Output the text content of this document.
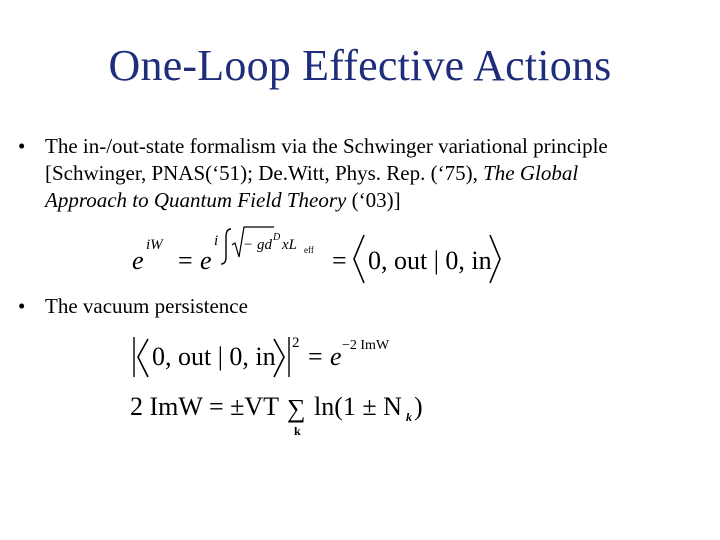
One-Loop Effective Actions
• The in-/out-state formalism via the Schwinger variational principle
[Schwinger, PNAS(‘51); De.Witt, Phys. Rep. (‘75), The Global
Approach to Quantum Field Theory (‘03)]
e
iW
= e
i − gd D xL eff = 0, out | 0, in
• The vacuum persistence
0, out | 0, in 2 = e −2 ImW
2 ImW = ±VT ∑
k
ln(1 ± N k )
